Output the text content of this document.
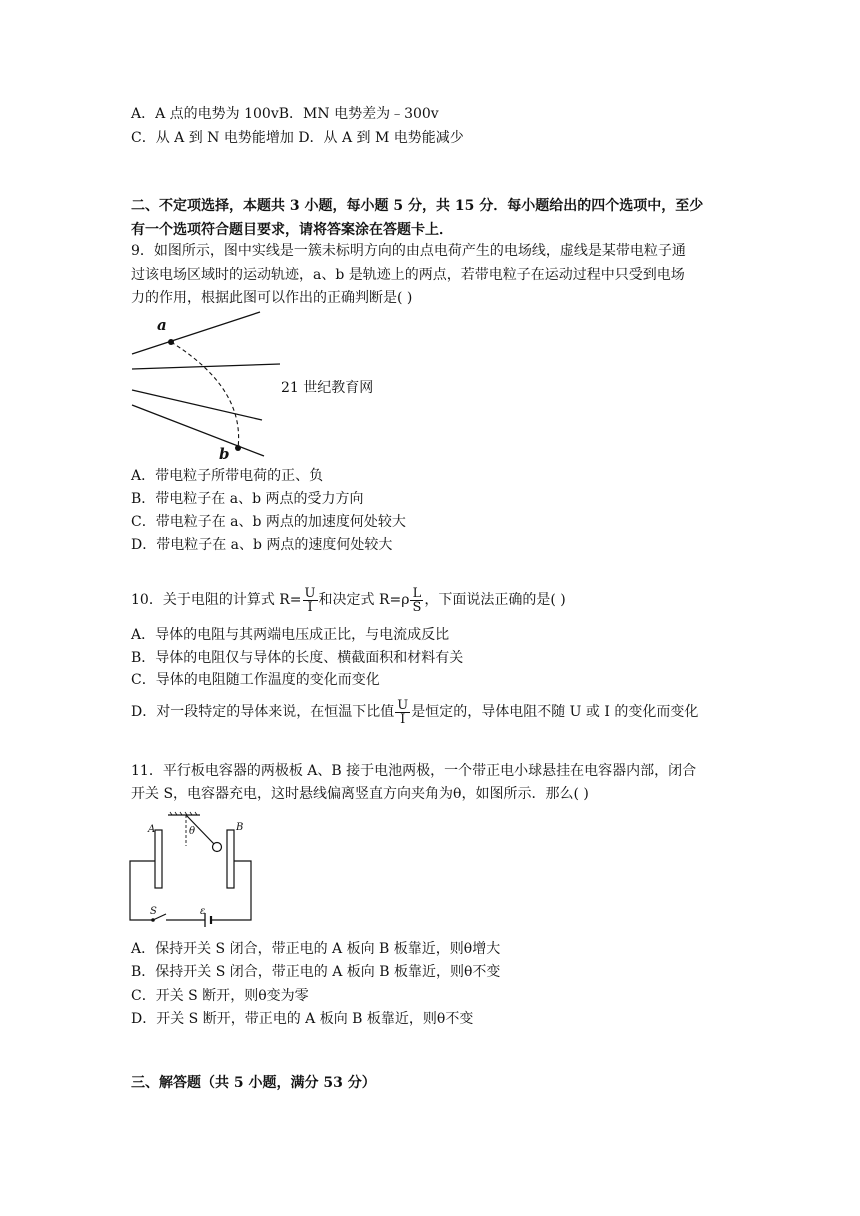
A．A 点的电势为 100vB．MN 电势差为﹣300v
C．从 A 到 N 电势能增加 D．从 A 到 M 电势能减少
二、不定项选择，本题共 3 小题，每小题 5 分，共 15 分．每小题给出的四个选项中，至少
有一个选项符合题目要求，请将答案涂在答题卡上．
9．如图所示，图中实线是一簇未标明方向的由点电荷产生的电场线，虚线是某带电粒子通
过该电场区域时的运动轨迹，a、b 是轨迹上的两点，若带电粒子在运动过程中只受到电场
力的作用，根据此图可以作出的正确判断是( )
a
b
21 世纪教育网
A．带电粒子所带电荷的正、负
B．带电粒子在 a、b 两点的受力方向
C．带电粒子在 a、b 两点的加速度何处较大
D．带电粒子在 a、b 两点的速度何处较大
10．关于电阻的计算式 $R= \frac{U}{I}$ 和决定式 $R=\rho \frac{L}{S}$ ，下面说法正确的是( )
A．导体的电阻与其两端电压成正比，与电流成反比
B．导体的电阻仅与导体的长度、横截面积和材料有关
C．导体的电阻随工作温度的变化而变化
D．对一段特定的导体来说，在恒温下比值 $\frac{U}{I}$ 是恒定的，导体电阻不随 U 或 I 的变化而变化
11．平行板电容器的两极板 A、B 接于电池两极，一个带正电小球悬挂在电容器内部，闭合
开关 S，电容器充电，这时悬线偏离竖直方向夹角为θ，如图所示．那么( )
A	B
θ
S	ε
A．保持开关 S 闭合，带正电的 A 板向 B 板靠近，则θ增大
B．保持开关 S 闭合，带正电的 A 板向 B 板靠近，则θ不变
C．开关 S 断开，则θ变为零
D．开关 S 断开，带正电的 A 板向 B 板靠近，则θ不变
三、解答题（共 5 小题，满分 53 分）
